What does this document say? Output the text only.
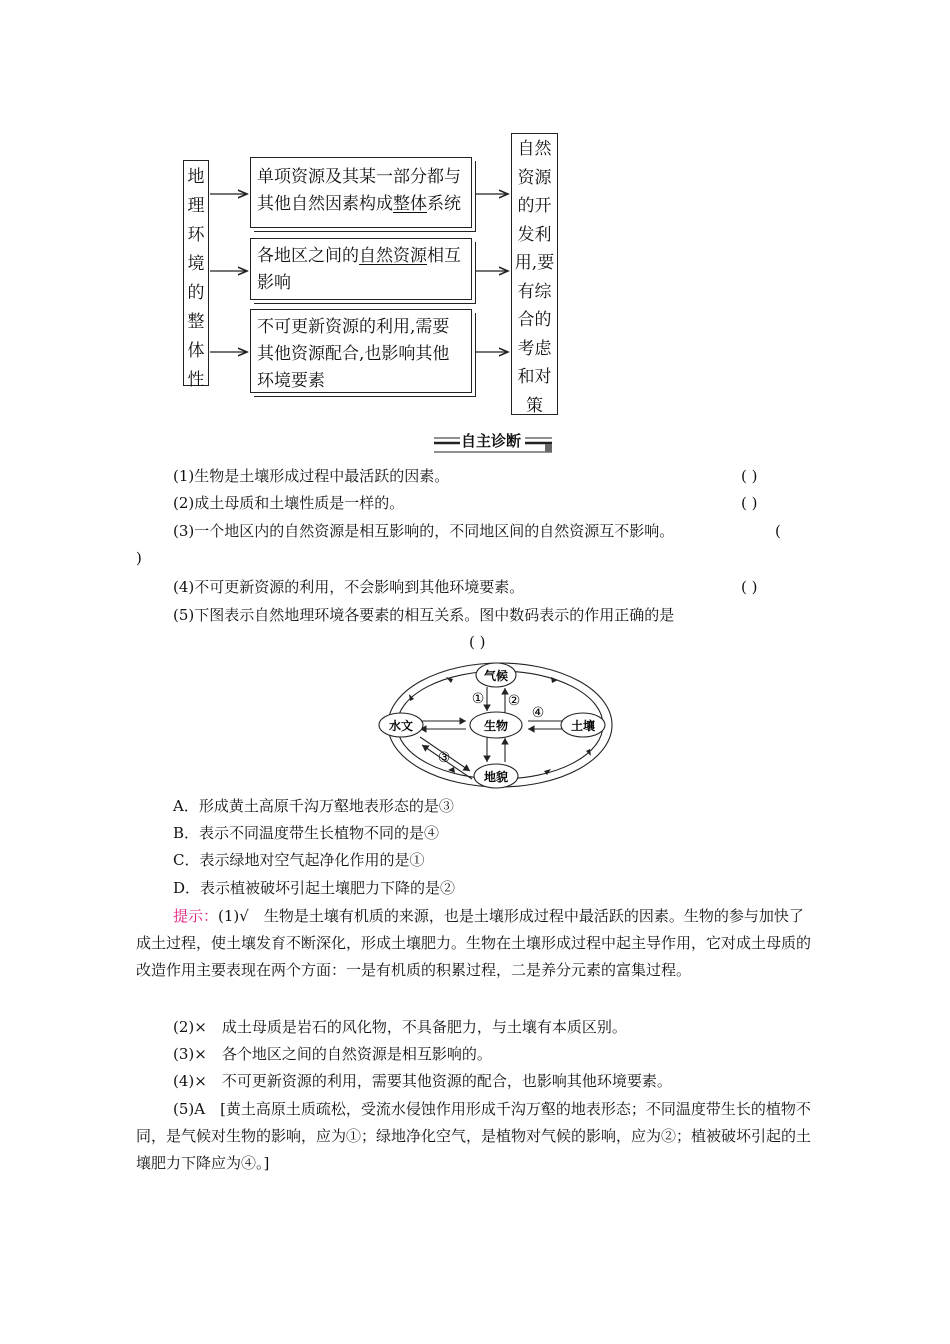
地理环境的整体性
自然资源的开发利用,要有综合的考虑和对策
单项资源及其某一部分都与
其他自然因素构成整体系统
各地区之间的自然资源相互
影响
不可更新资源的利用,需要
其他资源配合,也影响其他
环境要素
自主诊断
(1)生物是土壤形成过程中最活跃的因素。	( )
(2)成土母质和土壤性质是一样的。	( )
(3)一个地区内的自然资源是相互影响的，不同地区间的自然资源互不影响。	(
)
(4)不可更新资源的利用，不会影响到其他环境要素。	( )
(5)下图表示自然地理环境各要素的相互关系。图中数码表示的作用正确的是
( )
气候
水文	生物	土壤
地貌
① ②
③
④
A．形成黄土高原千沟万壑地表形态的是③
B．表示不同温度带生长植物不同的是④
C．表示绿地对空气起净化作用的是①
D．表示植被破坏引起土壤肥力下降的是②
提示：(1)√　生物是土壤有机质的来源，也是土壤形成过程中最活跃的因素。生物的参与加快了成土过程，使土壤发育不断深化，形成土壤肥力。生物在土壤形成过程中起主导作用，它对成土母质的改造作用主要表现在两个方面：一是有机质的积累过程，二是养分元素的富集过程。
(2)×　成土母质是岩石的风化物，不具备肥力，与土壤有本质区别。
(3)×　各个地区之间的自然资源是相互影响的。
(4)×　不可更新资源的利用，需要其他资源的配合，也影响其他环境要素。
(5)A　[黄土高原土质疏松，受流水侵蚀作用形成千沟万壑的地表形态；不同温度带生长的植物不同，是气候对生物的影响，应为①；绿地净化空气，是植物对气候的影响，应为②；植被破坏引起的土壤肥力下降应为④。]
